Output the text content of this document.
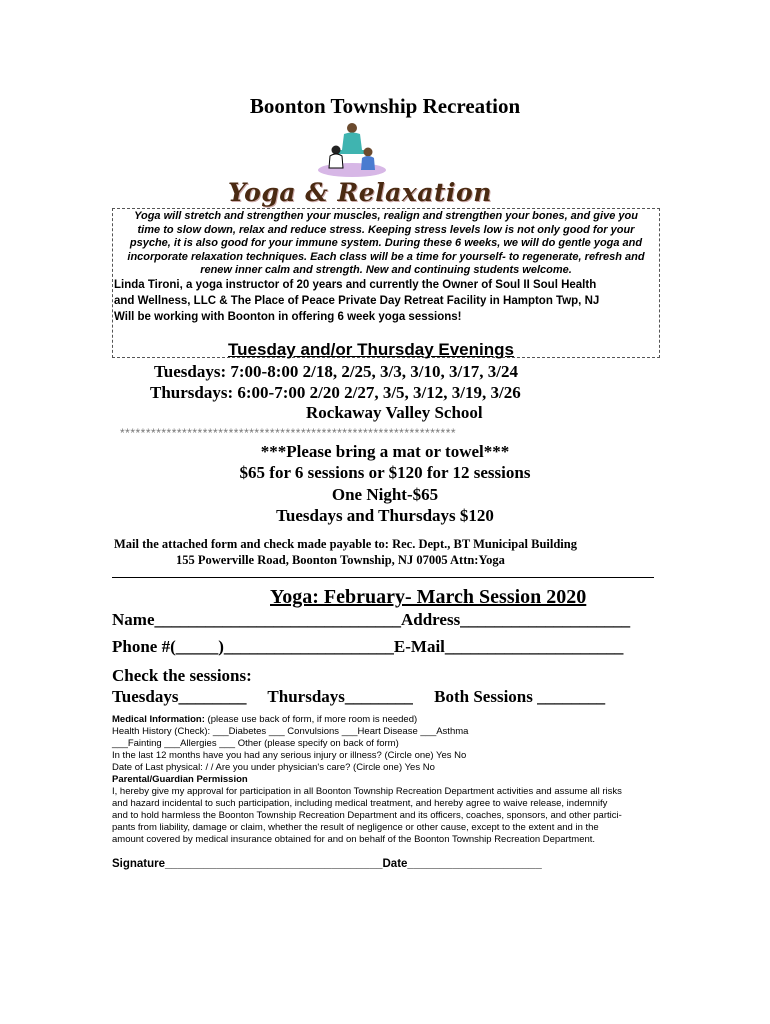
Boonton Township Recreation
Yoga & Relaxation
Yoga will stretch and strengthen your muscles, realign and strengthen your bones, and give you
time to slow down, relax and reduce stress. Keeping stress levels low is not only good for your
psyche, it is also good for your immune system. During these 6 weeks, we will do gentle yoga and
incorporate relaxation techniques. Each class will be a time for yourself- to regenerate, refresh and
renew inner calm and strength. New and continuing students welcome.
Linda Tironi, a yoga instructor of 20 years and currently the Owner of Soul II Soul Health
and Wellness, LLC & The Place of Peace Private Day Retreat Facility in Hampton Twp, NJ
Will be working with Boonton in offering 6 week yoga sessions!
Tuesday and/or Thursday Evenings
Tuesdays: 7:00-8:00 2/18, 2/25, 3/3, 3/10, 3/17, 3/24
Thursdays: 6:00-7:00 2/20 2/27, 3/5, 3/12, 3/19, 3/26
Rockaway Valley School
*****************************************************************
***Please bring a mat or towel***
$65 for 6 sessions or $120 for 12 sessions
One Night-$65
Tuesdays and Thursdays $120
Mail the attached form and check made payable to: Rec. Dept., BT Municipal Building
155 Powerville Road, Boonton Township, NJ 07005 Attn:Yoga
Yoga: February- March Session 2020
Name_____________________________Address____________________
Phone #(_____)____________________E-Mail_____________________
Check the sessions:
Tuesdays________     Thursdays________     Both Sessions ________
Medical Information: (please use back of form, if more room is needed)
Health History (Check): ___Diabetes ___ Convulsions ___Heart Disease ___Asthma
___Fainting ___Allergies ___ Other (please specify on back of form)
In the last 12 months have you had any serious injury or illness? (Circle one) Yes No
Date of Last physical: / / Are you under physician's care? (Circle one) Yes No
Parental/Guardian Permission
I, hereby give my approval for participation in all Boonton Township Recreation Department activities and assume all risks
and hazard incidental to such participation, including medical treatment, and hereby agree to waive release, indemnify
and to hold harmless the Boonton Township Recreation Department and its officers, coaches, sponsors, and other partici-
pants from liability, damage or claim, whether the result of negligence or other cause, except to the extent and in the
amount covered by medical insurance obtained for and on behalf of the Boonton Township Recreation Department.
Signature__________________________________Date_____________________
